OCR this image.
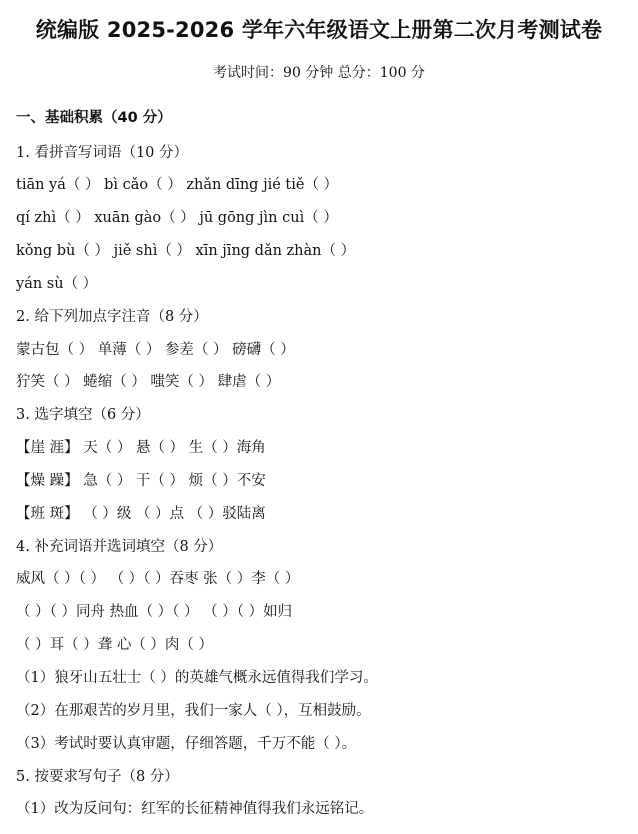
统编版 2025-2026 学年六年级语文上册第二次月考测试卷
考试时间：90 分钟 总分：100 分
一、基础积累（40 分）
1. 看拼音写词语（10 分）
tiān yá（ ） bì cǎo（ ） zhǎn dīng jié tiě（ ）
qí zhì（ ） xuān gào（ ） jū gōng jìn cuì（ ）
kǒng bù（ ） jiě shì（ ） xīn jīng dǎn zhàn（ ）
yán sù（ ）
2. 给下列加点字注音（8 分）
蒙古包（ ） 单薄（ ） 参差（ ） 磅礴（ ）
狞笑（ ） 蜷缩（ ） 嗤笑（ ） 肆虐（ ）
3. 选字填空（6 分）
【崖 涯】 天（ ） 悬（ ） 生（ ）海角
【燥 躁】 急（ ） 干（ ） 烦（ ）不安
【班 斑】 （ ）级 （ ）点 （ ）驳陆离
4. 补充词语并选词填空（8 分）
威风（ ）（ ） （ ）（ ）吞枣 张（ ）李（ ）
（ ）（ ）同舟 热血（ ）（ ） （ ）（ ）如归
（ ）耳（ ）聋 心（ ）肉（ ）
（1）狼牙山五壮士（ ）的英雄气概永远值得我们学习。
（2）在那艰苦的岁月里，我们一家人（ ），互相鼓励。
（3）考试时要认真审题，仔细答题，千万不能（ ）。
5. 按要求写句子（8 分）
（1）改为反问句：红军的长征精神值得我们永远铭记。
